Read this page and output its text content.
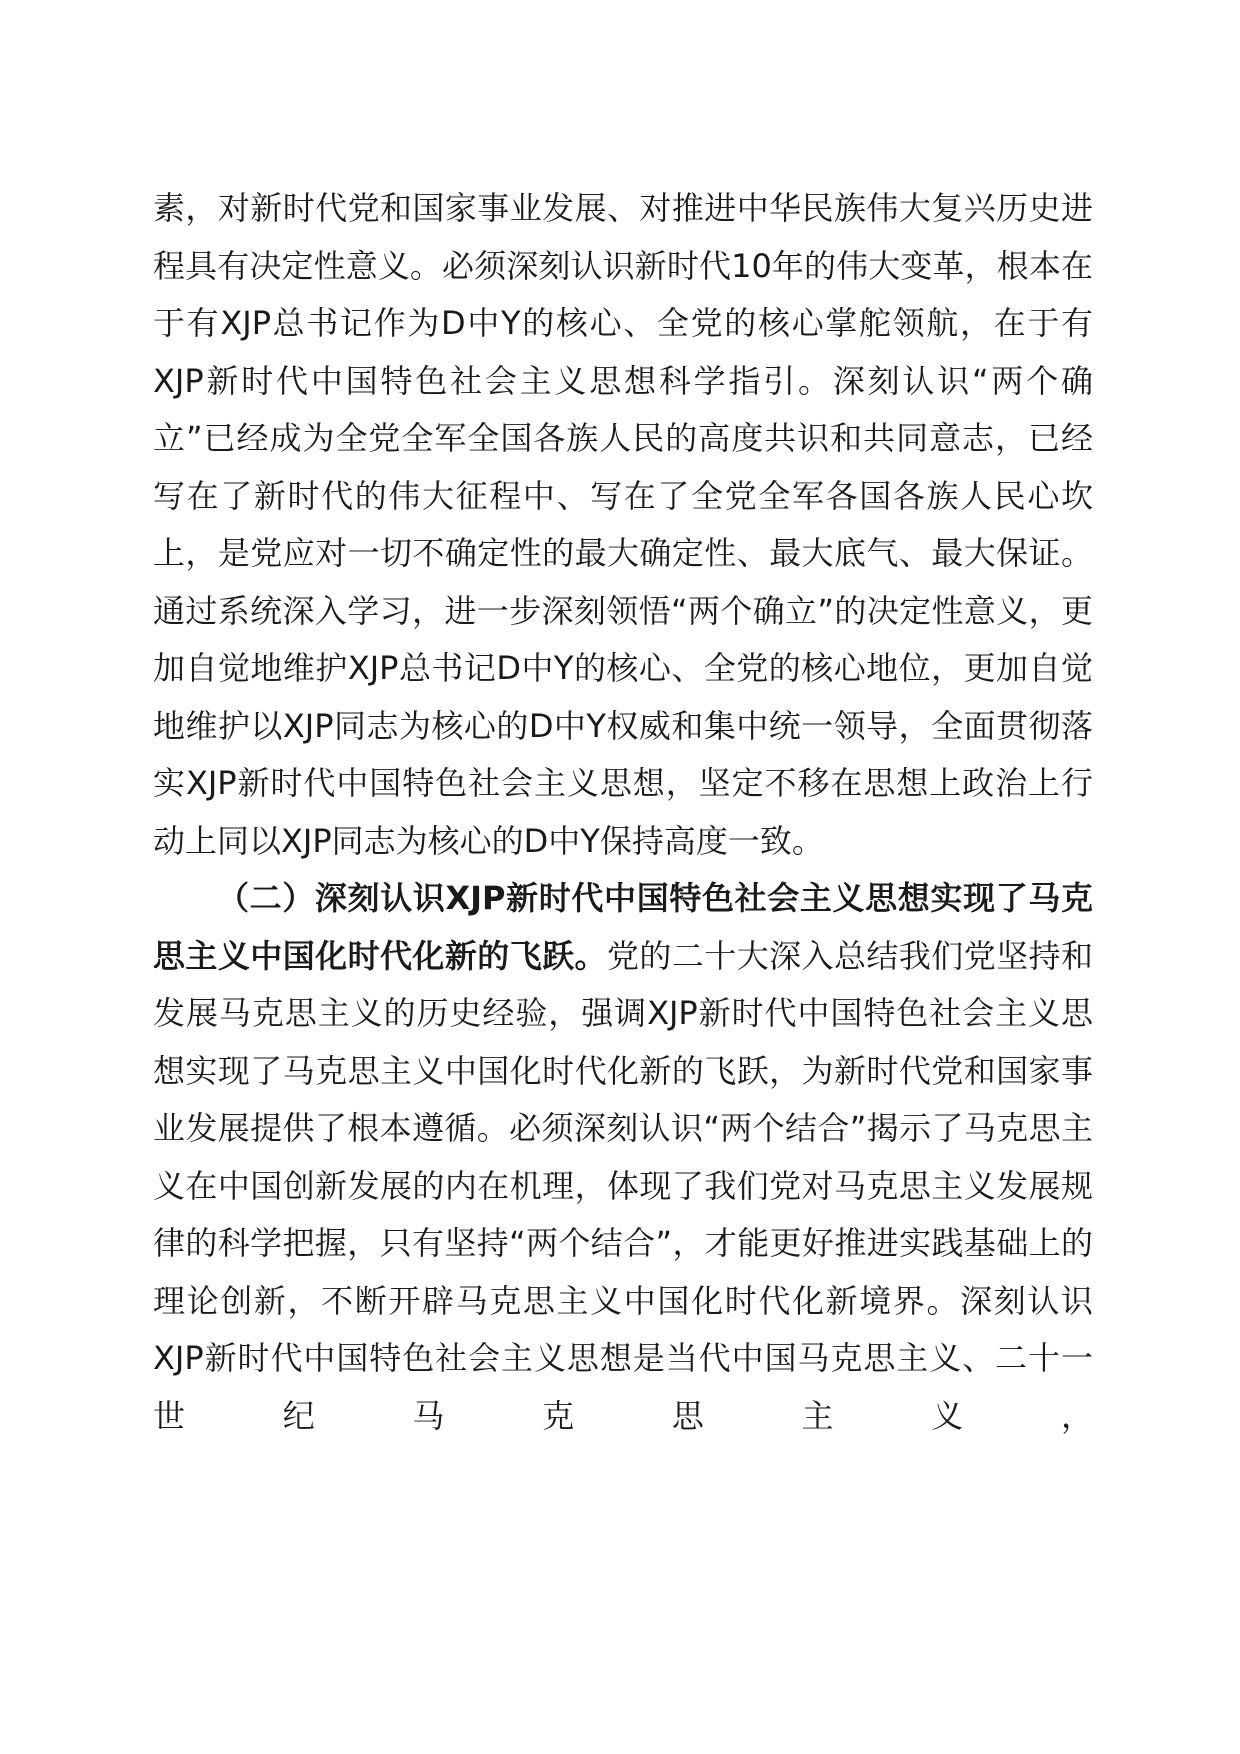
素，对新时代党和国家事业发展、对推进中华民族伟大复兴历史进程具有决定性意义。必须深刻认识新时代10年的伟大变革，根本在于有XJP总书记作为D中Y的核心、全党的核心掌舵领航，在于有XJP新时代中国特色社会主义思想科学指引。深刻认识“两个确立”已经成为全党全军全国各族人民的高度共识和共同意志，已经写在了新时代的伟大征程中、写在了全党全军各国各族人民心坎上，是党应对一切不确定性的最大确定性、最大底气、最大保证。通过系统深入学习，进一步深刻领悟“两个确立”的决定性意义，更加自觉地维护XJP总书记D中Y的核心、全党的核心地位，更加自觉地维护以XJP同志为核心的D中Y权威和集中统一领导，全面贯彻落实XJP新时代中国特色社会主义思想，坚定不移在思想上政治上行动上同以XJP同志为核心的D中Y保持高度一致。

（二）深刻认识XJP新时代中国特色社会主义思想实现了马克思主义中国化时代化新的飞跃。党的二十大深入总结我们党坚持和发展马克思主义的历史经验，强调XJP新时代中国特色社会主义思想实现了马克思主义中国化时代化新的飞跃，为新时代党和国家事业发展提供了根本遵循。必须深刻认识“两个结合”揭示了马克思主义在中国创新发展的内在机理，体现了我们党对马克思主义发展规律的科学把握，只有坚持“两个结合”，才能更好推进实践基础上的理论创新，不断开辟马克思主义中国化时代化新境界。深刻认识XJP新时代中国特色社会主义思想是当代中国马克思主义、二十一世纪马克思主义，
